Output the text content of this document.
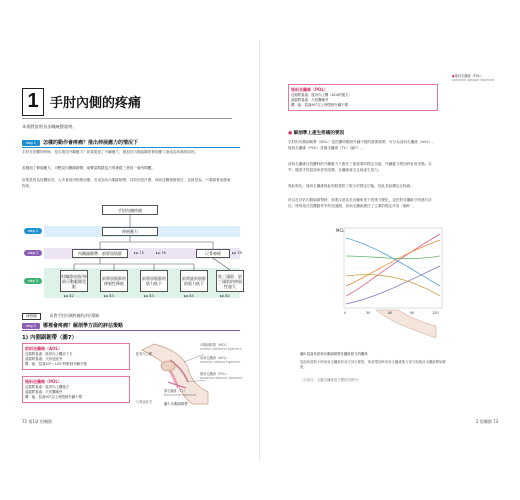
1 手肘內側的疼痛
本項將說明各步驟統整說明。
step 1	怎樣的動作會疼痛？推出伸展應力的情況下
手肘在投擲的時候，是否施加外翻應力？如果施加了外翻應力，施加於內側結構的伸展應力會成為疼痛的原因。
若施加了伸展應力，可想見內側副韌帶、前臂屈肌群及尺骨神經三者其一會有問題。
如果是因為投擲狀況，大多會採用物理治療，若成為負內側副韌帶，其原因是什麼，與前述關係最相近，也就是說，只要順著這個流程來。
手肘內側疼痛
step 1	伸展應力
step 2	內側副韌帶．前臂屈肌群	尺骨神經
▸p.73	▸p.76	▸p.78
step 3
肘關節屈曲/伸展可動範圍受限
前臂屈肌群的伸展性降低
前臂屈肌群的肌力低下
前臂旋前肌群的肌力低下
肌二頭肌．肌三頭肌的伸展性過大
▸p.82	▸p.83	▸p.83	▸p.84	▸p.84
流程圖	針對手肘內側疼痛的評估策略
step 2	哪裡會疼痛？解剖學方面的評估策略
1) 內側副韌帶（圖7）
前斜走纖維（AOL）
近端附著處：肱骨內上髁前下方
遠端附著處：尺骨冠狀突
機　能：屈曲20°～120°時限制外翻不穩
後斜走纖維（POL）
近端附著處：肱骨內上髁後方
遠端附著處：尺骨鷹嘴突
機　能：屈曲90°以上時限制外翻不穩
內側副韌帶（MCL）
medial collateral ligament
前斜走纖維（AOL）
anterior oblique ligament
後斜走纖維（POL）
posterior oblique ligament
橫走纖維（TL）
transverse ligament
肱骨內上髁
尺骨冠狀突	圖7 內側副韌帶
72 第1章 肘關節
後斜走纖維（POL）
近端附著處：肱骨內上髁（AOL的後方）
遠端附著處：尺骨鷹嘴突
機　能：屈曲90°以上時限制外翻不穩
●後斜走纖維（POL）
posterior oblique ligament
● 解剖學上產生疼痛的要因
手肘的內側副韌帶（MCL）是投擲時限制外翻不穩的重要韌帶，可分為前斜走纖維（AOL）、後斜走纖維（POL）及橫走纖維（TL）（圖7）。
前斜走纖維在投擲時的外翻應力下擔任了最重要的穩定功能，外翻應力增加時容易受傷。另外，隨著手肘屈曲角度的改變，各纖維會交互地產生張力。
與此相比，後斜走纖維與此相較提供了較少的穩定功能，因此其結構也比較細。
所以在評估內側副韌帶時，需要注意其在各種角度下的張力變化，並針對各纖維分別進行評估。特別是在投擲動作中的加速期，前斜走纖維擔任了主要的穩定作用（圖8）。
MCL
0	30	60	90	120
圖8 屈曲角度與內側副韌帶各纖維張力的關係
屈曲角度較小時前斜走纖維的前方部分緊張，角度增加時前斜走纖維後方部分與後斜走纖維開始緊張。
（引用自：文獻各纖維張力變化的研究）
2 肘關節 73
